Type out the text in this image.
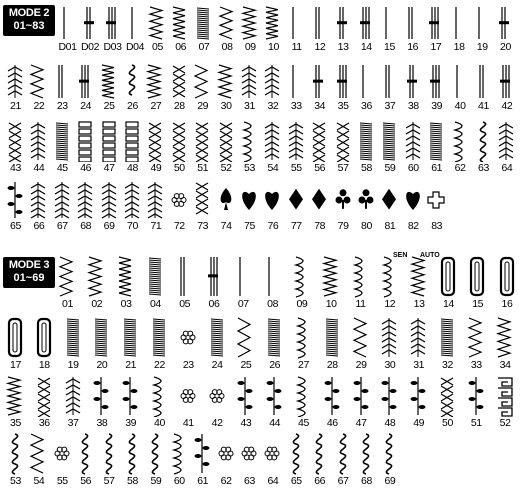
MODE 2
01~83
MODE 3
01~69
D01 D02 D03 D04 05	06	07	08	09	10	11	12	13	14	15	16	17	18	19	20
21	22	23	24	25	26	27	28	29	30	31	32	33	34	35	36	37	38	39	40	41	42
43	44	45	46	47	48	49	50	51	52	53	54	55	56	57	58	59	60	61	62	63	64
65	66	67	68	69	70	71	72	73	74	75	76	77	78	79	80	81	82	83
01	02	03	04	05	06	07	08	09	10	11	12	13	14	15	16
17	18	19	20	21	22	23	24	25	26	27	28	29	30	31	32	33	34
35	36	37	38	39	40	41	42	43	44	45	46	47	48	49	50	51	52
53	54	55	56	57	58	59	60	61	62	63	64	65	66	67	68	69
SEN AUTO
